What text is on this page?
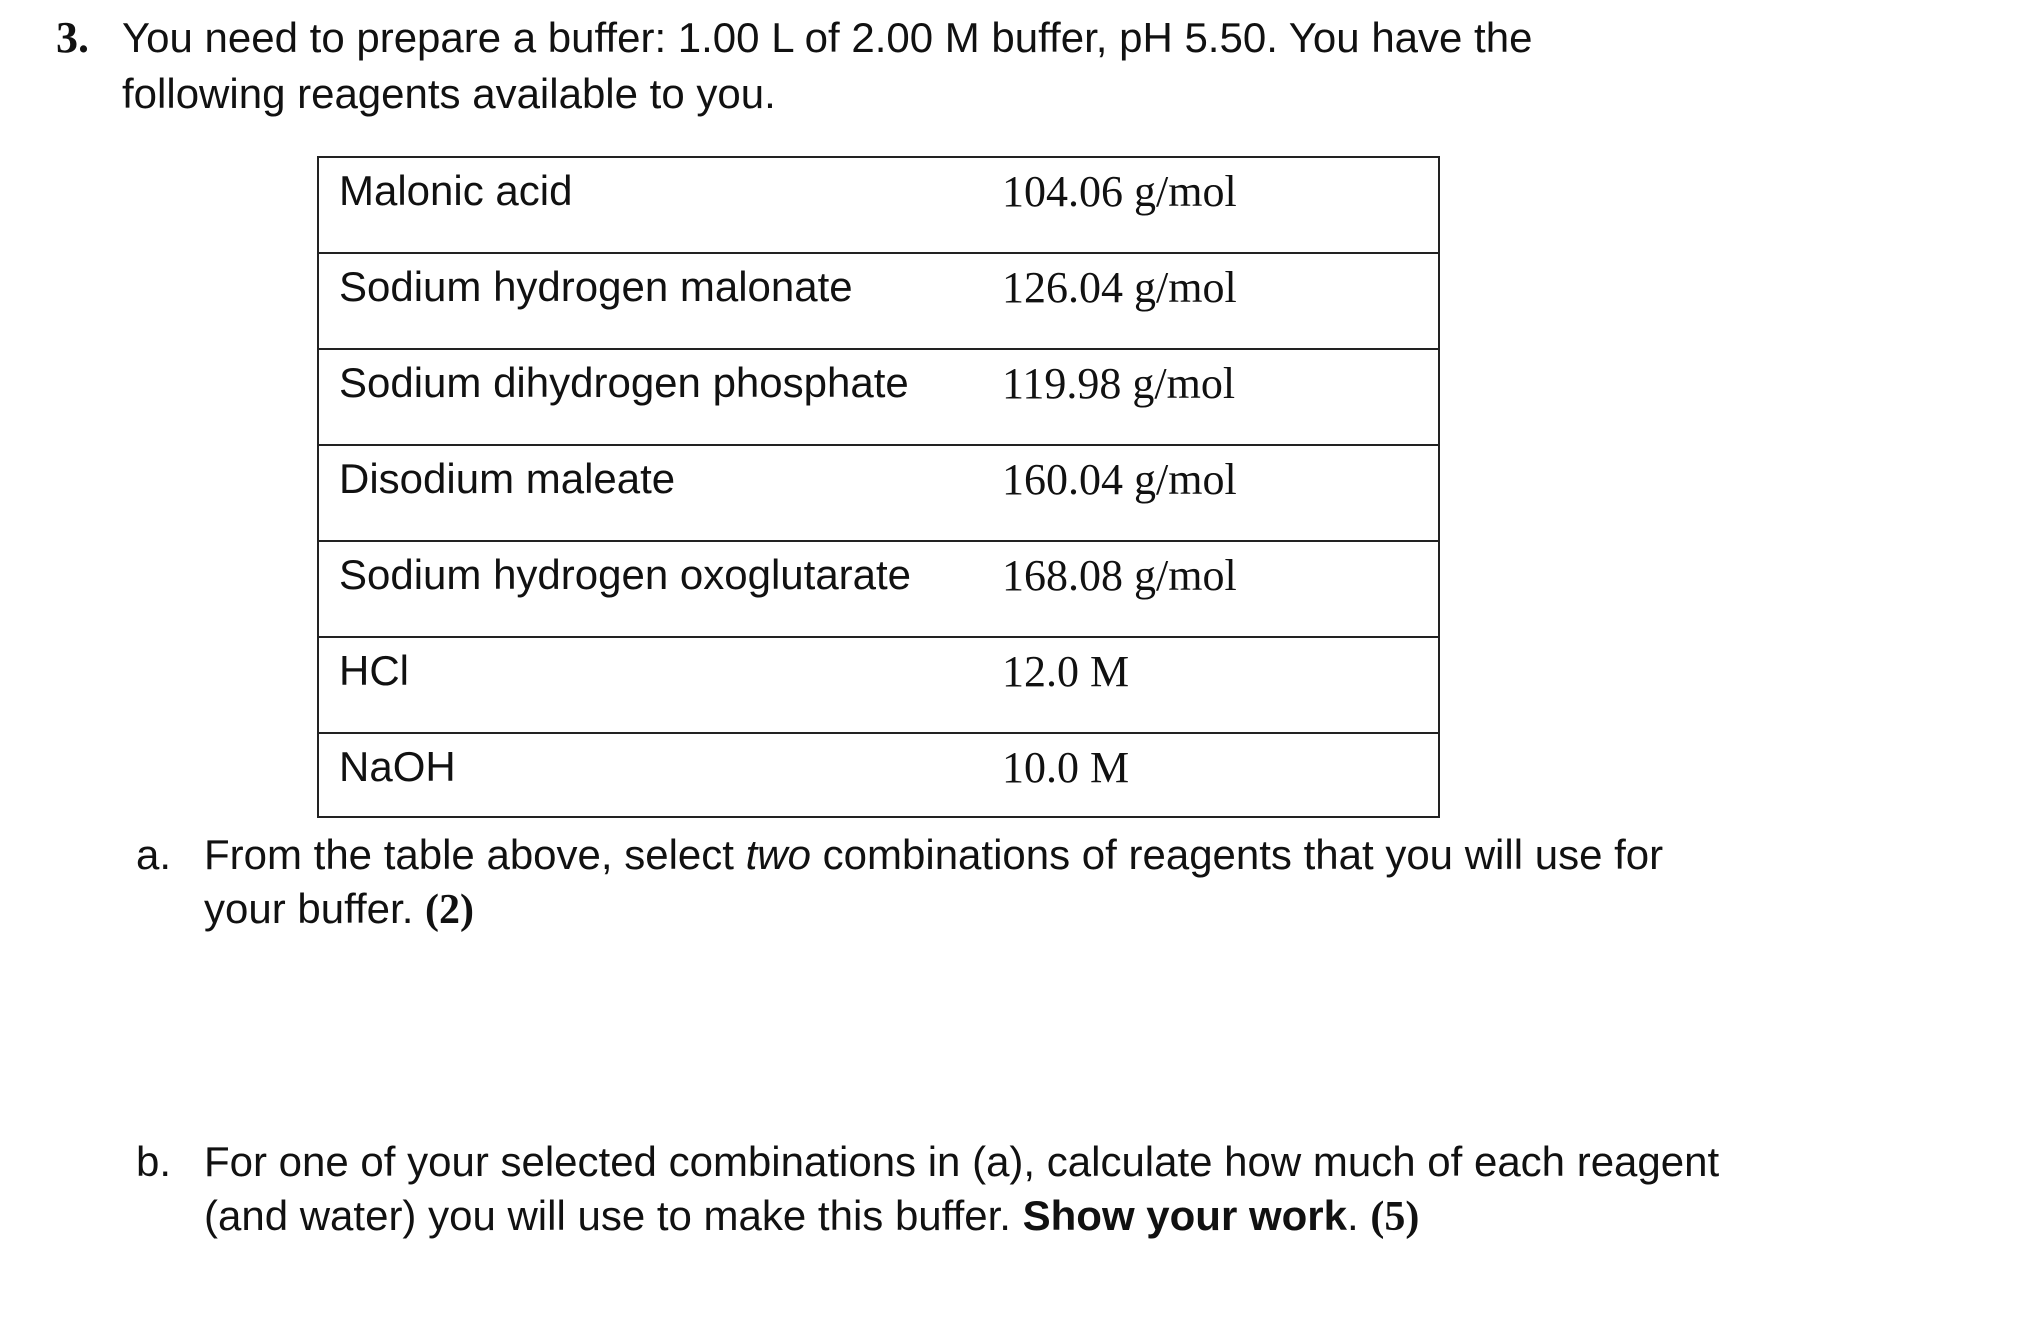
3. You need to prepare a buffer: 1.00 L of 2.00 M buffer, pH 5.50. You have the
following reagents available to you.
Malonic acid	104.06 g/mol
Sodium hydrogen malonate	126.04 g/mol
Sodium dihydrogen phosphate	119.98 g/mol
Disodium maleate	160.04 g/mol
Sodium hydrogen oxoglutarate	168.08 g/mol
HCl	12.0 M
NaOH	10.0 M
a. From the table above, select two combinations of reagents that you will use for
your buffer. (2)
b. For one of your selected combinations in (a), calculate how much of each reagent
(and water) you will use to make this buffer. Show your work. (5)
